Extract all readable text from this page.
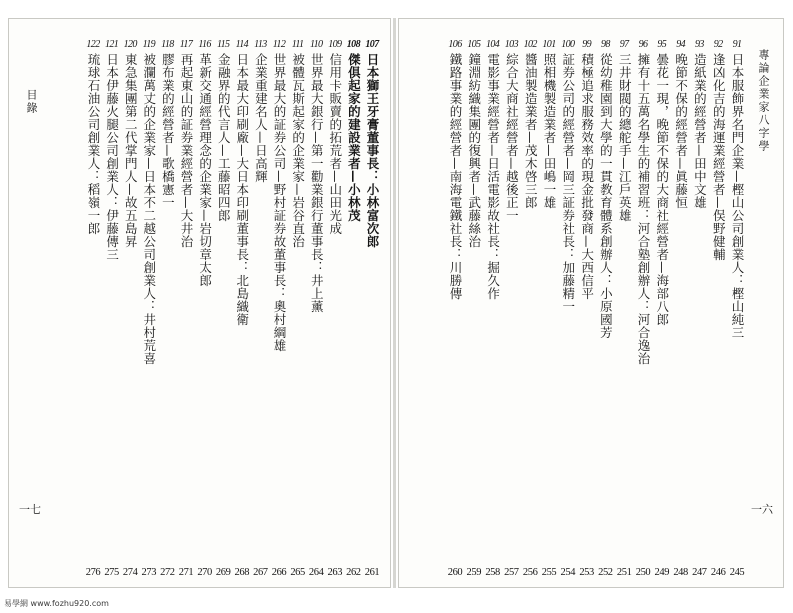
目錄
一七
107
日本獅王牙膏董事長：小林富次郎
261
108
傑俱起家的建設業者—小林茂
262
109
信用卡販賣的拓荒者—山田光成
263
110
世界最大銀行—第一勸業銀行董事長：井上薰
264
111
被體瓦斯起家的企業家—岩谷直治
265
112
世界最大的証券公司—野村証券故董事長：奧村綱雄
266
113
企業重建名人—日高輝
267
114
日本最大印刷廠—大日本印刷董事長：北島織衛
268
115
金融界的代言人—工藤昭四郎
269
116
革新交通經營理念的企業家—岩切章太郎
270
117
再起東山的証券業經營者—大井治
271
118
膠布業的經營者—歌橋憲一
272
119
被瀾萬丈的企業家—日本不二越公司創業人：井村荒喜
273
120
東急集團第二代掌門人—故五島昇
274
121
日本伊藤火腿公司創業人：伊藤傳三
275
122
琉球石油公司創業人：稻嶺一郎
276
專論企業家八字學
一六
91
日本服飾界名門企業—樫山公司創業人：樫山純三
245
92
逢凶化吉的海運業經營者—俣野健輔
246
93
造紙業的經營者—田中文雄
247
94
晚節不保的經營者—眞藤恒
248
95
曇花一現，晚節不保的大商社經營者—海部八郎
249
96
擁有十五萬名學生的補習班：河合塾創辦人：河合逸治
250
97
三井財閥的總舵手—江戶英雄
251
98
從幼稚園到大學的一貫教育體系創辦人：小原國芳
252
99
積極追求服務效率的現金批發商—大西信平
253
100
証券公司的經營者—岡三証券社長：加藤精一
254
101
照相機製造業者—田嶋一雄
255
102
醬油製造業者—茂木啓三郎
256
103
綜合大商社經營者—越後正一
257
104
電影事業經營者—日活電影故社長：掘久作
258
105
鐘淵紡織集團的復興者—武藤絲治
259
106
鐵路事業的經營者—南海電鐵社長：川勝傳
260
易學網 www.fozhu920.com
